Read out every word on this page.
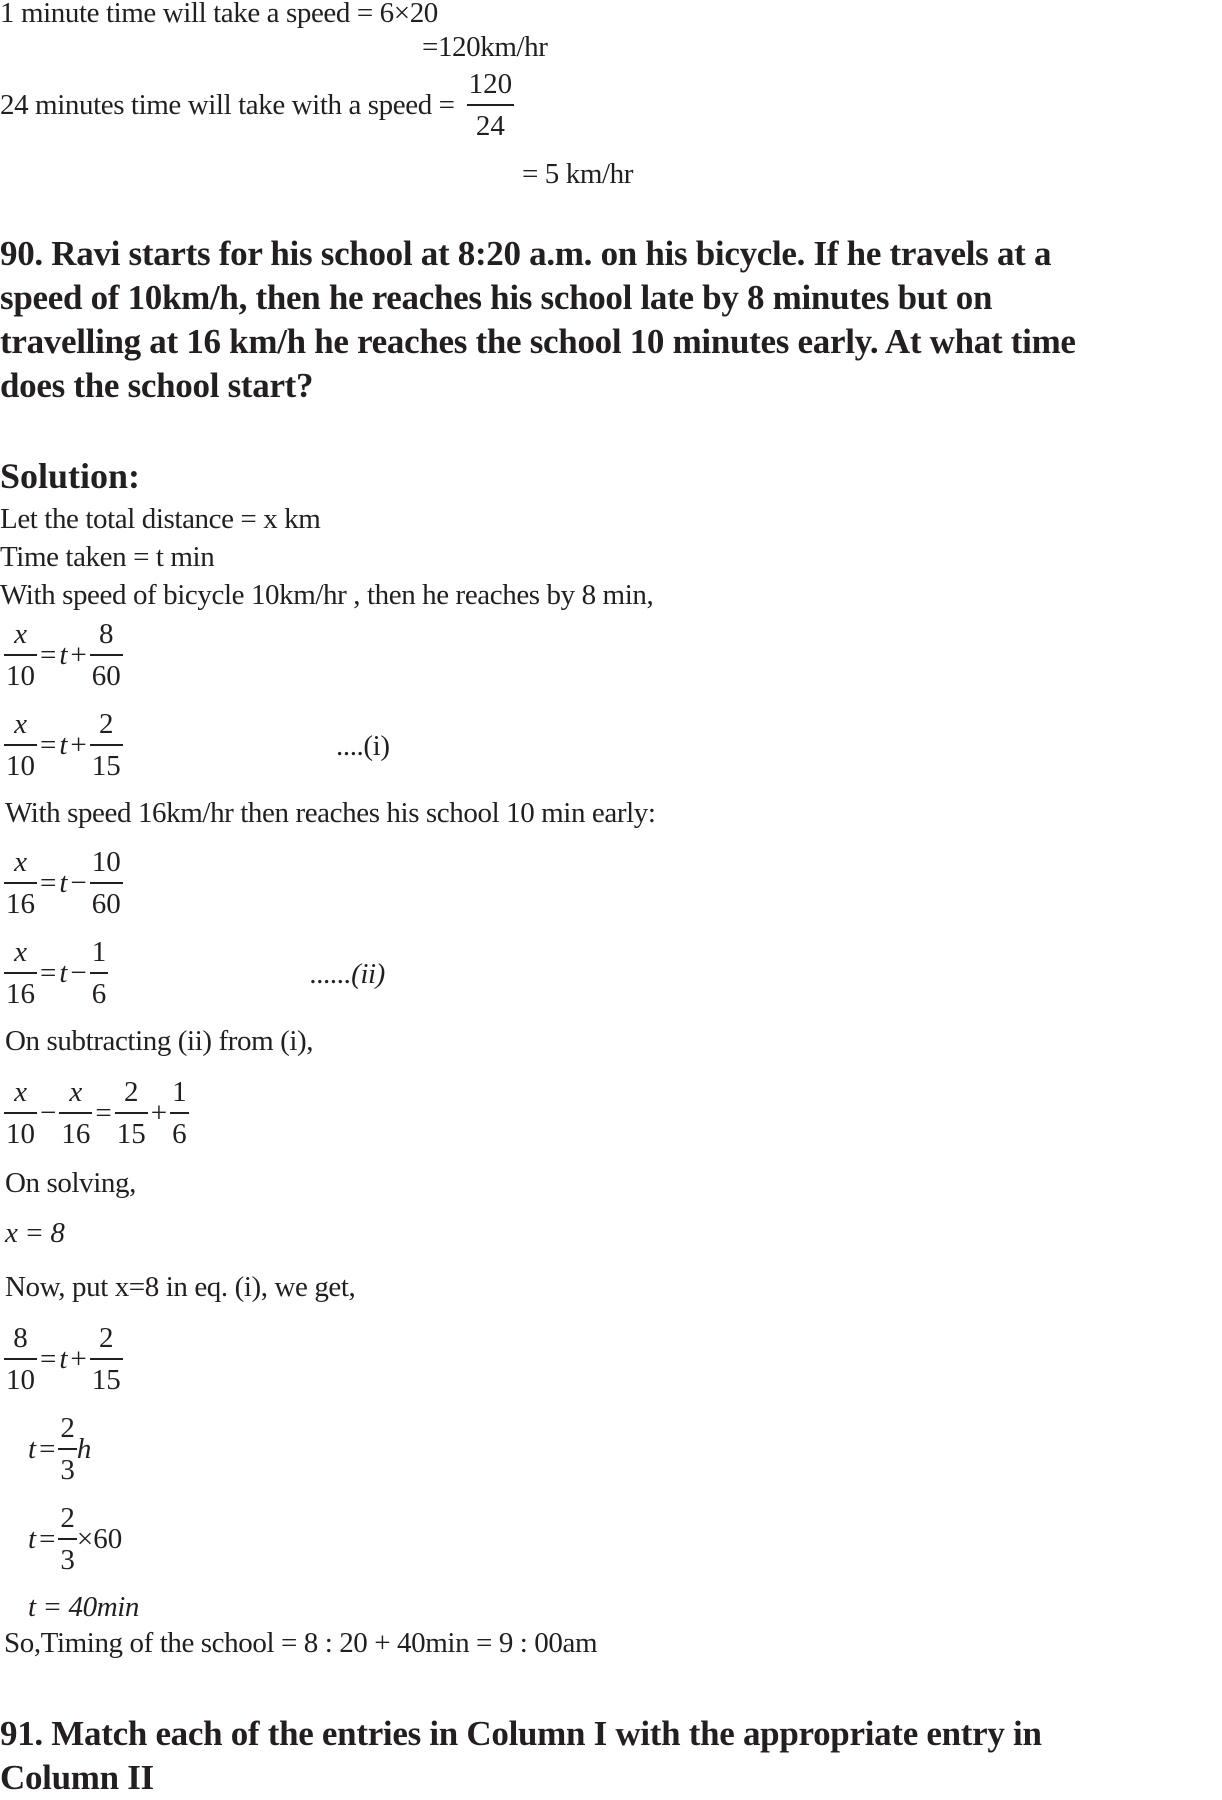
1 minute time will take a speed = 6×20
=120km/hr
24 minutes time will take with a speed = $\frac{120}{24}$
= 5 km/hr
90. Ravi starts for his school at 8:20 a.m. on his bicycle. If he travels at a
speed of 10km/h, then he reaches his school late by 8 minutes but on
travelling at 16 km/h he reaches the school 10 minutes early. At what time
does the school start?
Solution:
Let the total distance = x km
Time taken = t min
With speed of bicycle 10km/hr , then he reaches by 8 min,
$\frac{x}{10} = t + \frac{8}{60}$
$\frac{x}{10} = t + \frac{2}{15}$	....(i)
With speed 16km/hr then reaches his school 10 min early:
$\frac{x}{16} = t - \frac{10}{60}$
$\frac{x}{16} = t - \frac{1}{6}$	......(ii)
On subtracting (ii) from (i),
$\frac{x}{10} - \frac{x}{16} = \frac{2}{15} + \frac{1}{6}$
On solving,
x = 8
Now, put x=8 in eq. (i), we get,
$\frac{8}{10} = t + \frac{2}{15}$
$t = \frac{2}{3}$ h
$t = \frac{2}{3} \times 60$
t = 40min
So,Timing of the school = 8 : 20 + 40min = 9 : 00am
91. Match each of the entries in Column I with the appropriate entry in
Column II
